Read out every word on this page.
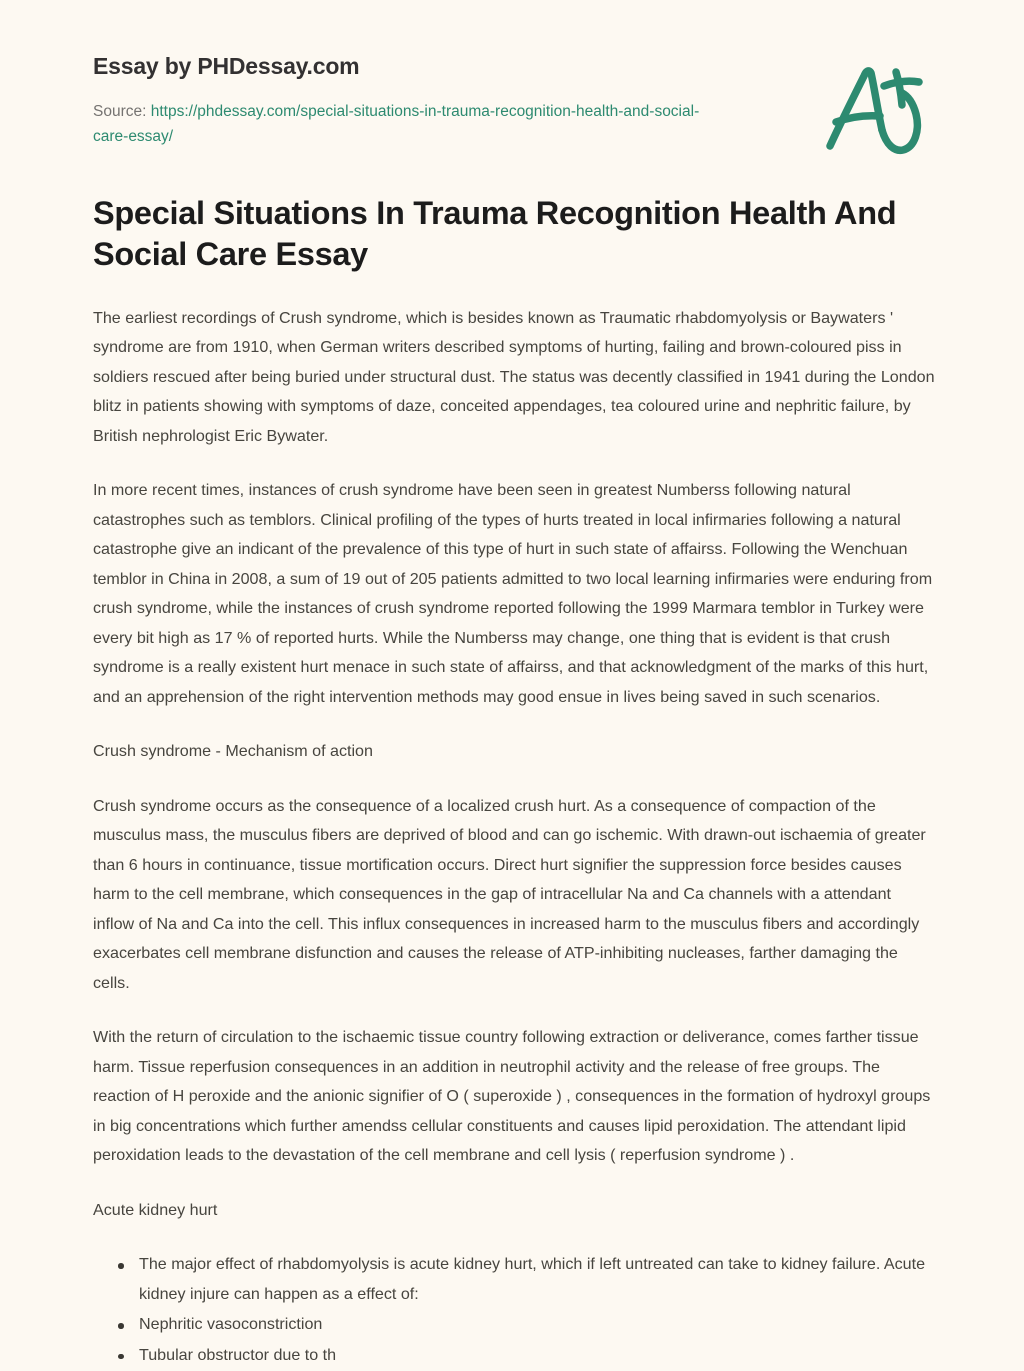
Essay by PHDessay.com
Source: https://phdessay.com/special-situations-in-trauma-recognition-health-and-social-care-essay/
Special Situations In Trauma Recognition Health And Social Care Essay

The earliest recordings of Crush syndrome, which is besides known as Traumatic rhabdomyolysis or Baywaters ' syndrome are from 1910, when German writers described symptoms of hurting, failing and brown-coloured piss in soldiers rescued after being buried under structural dust. The status was decently classified in 1941 during the London blitz in patients showing with symptoms of daze, conceited appendages, tea coloured urine and nephritic failure, by British nephrologist Eric Bywater.

In more recent times, instances of crush syndrome have been seen in greatest Numberss following natural catastrophes such as temblors. Clinical profiling of the types of hurts treated in local infirmaries following a natural catastrophe give an indicant of the prevalence of this type of hurt in such state of affairss. Following the Wenchuan temblor in China in 2008, a sum of 19 out of 205 patients admitted to two local learning infirmaries were enduring from crush syndrome, while the instances of crush syndrome reported following the 1999 Marmara temblor in Turkey were every bit high as 17 % of reported hurts. While the Numberss may change, one thing that is evident is that crush syndrome is a really existent hurt menace in such state of affairss, and that acknowledgment of the marks of this hurt, and an apprehension of the right intervention methods may good ensue in lives being saved in such scenarios.

Crush syndrome - Mechanism of action

Crush syndrome occurs as the consequence of a localized crush hurt. As a consequence of compaction of the musculus mass, the musculus fibers are deprived of blood and can go ischemic. With drawn-out ischaemia of greater than 6 hours in continuance, tissue mortification occurs. Direct hurt signifier the suppression force besides causes harm to the cell membrane, which consequences in the gap of intracellular Na and Ca channels with a attendant inflow of Na and Ca into the cell. This influx consequences in increased harm to the musculus fibers and accordingly exacerbates cell membrane disfunction and causes the release of ATP-inhibiting nucleases, farther damaging the cells.

With the return of circulation to the ischaemic tissue country following extraction or deliverance, comes farther tissue harm. Tissue reperfusion consequences in an addition in neutrophil activity and the release of free groups. The reaction of H peroxide and the anionic signifier of O ( superoxide ) , consequences in the formation of hydroxyl groups in big concentrations which further amendss cellular constituents and causes lipid peroxidation. The attendant lipid peroxidation leads to the devastation of the cell membrane and cell lysis ( reperfusion syndrome ) .

Acute kidney hurt

The major effect of rhabdomyolysis is acute kidney hurt, which if left untreated can take to kidney failure. Acute kidney injure can happen as a effect of:
Nephritic vasoconstriction
Tubular obstructor due to th
